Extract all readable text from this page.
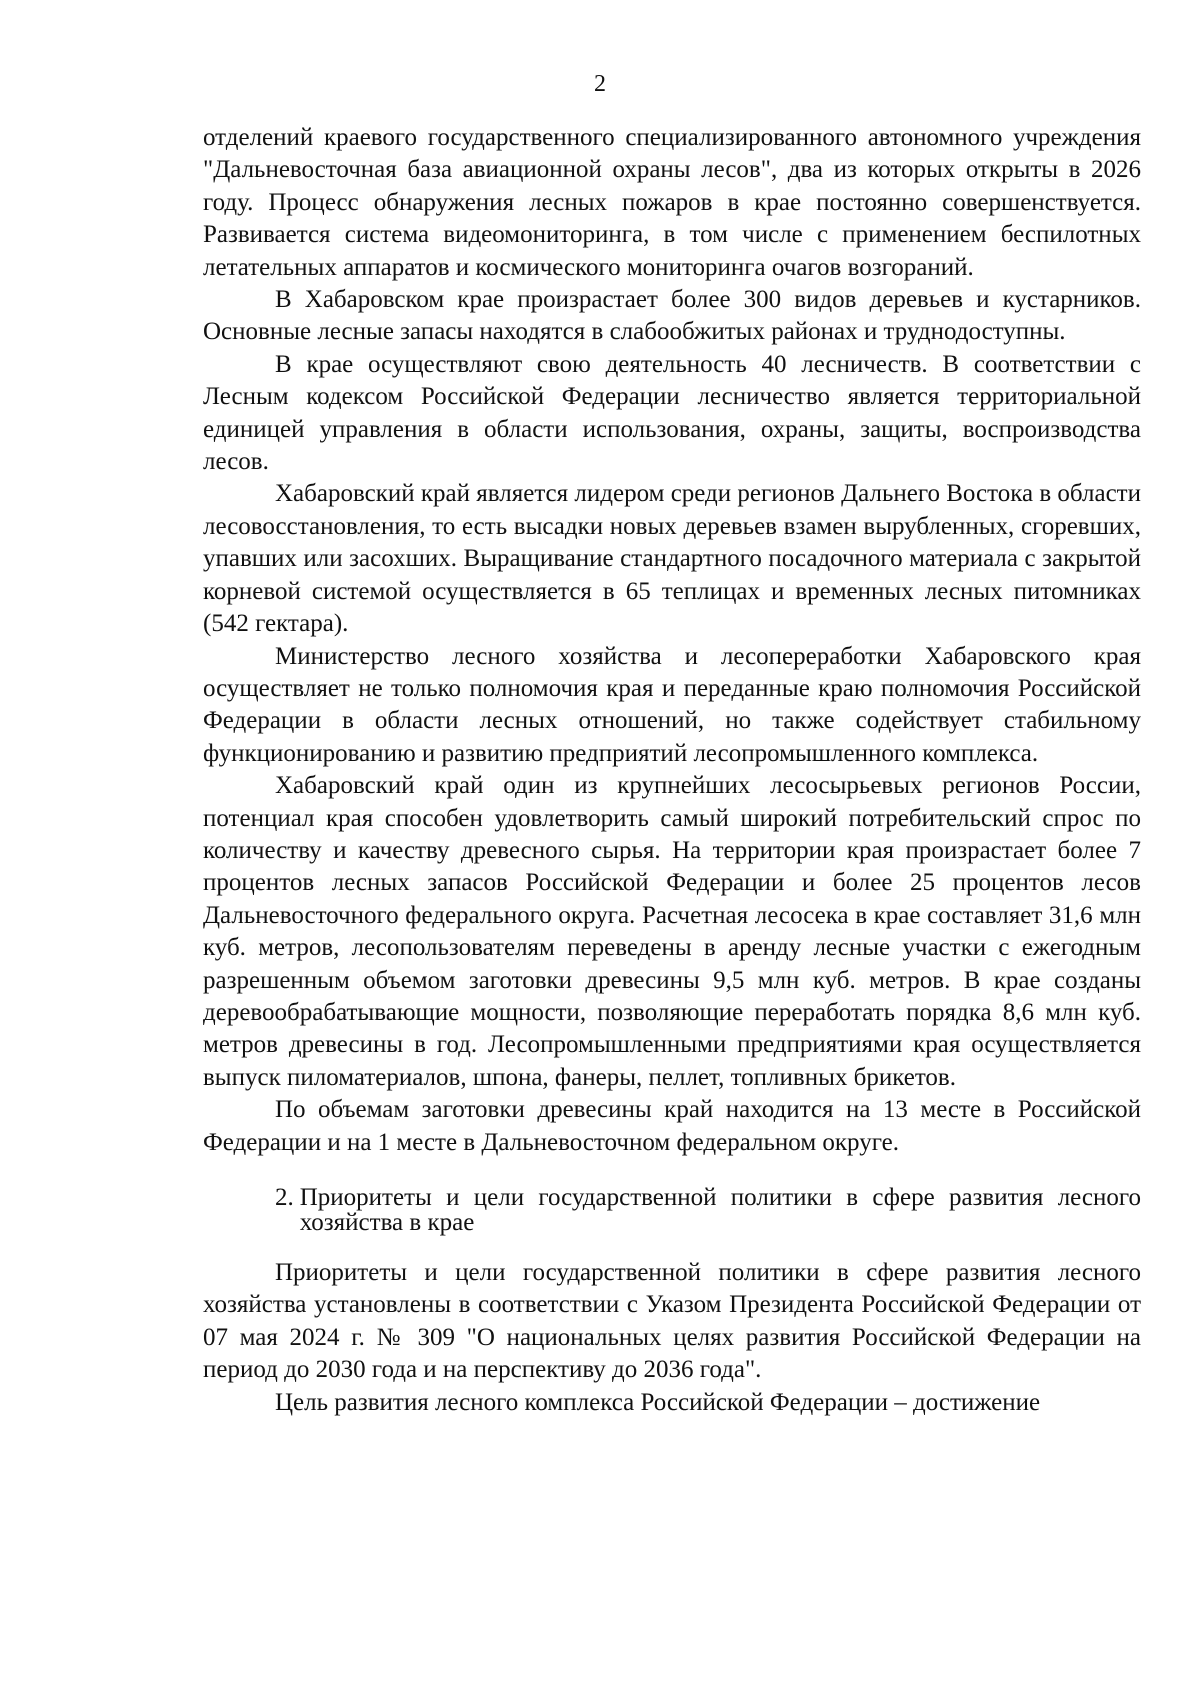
2

отделений краевого государственного специализированного автономного учреждения "Дальневосточная база авиационной охраны лесов", два из которых открыты в 2026 году. Процесс обнаружения лесных пожаров в крае постоянно совершенствуется. Развивается система видеомониторинга, в том числе с применением беспилотных летательных аппаратов и космического мониторинга очагов возгораний.

В Хабаровском крае произрастает более 300 видов деревьев и кустарников. Основные лесные запасы находятся в слабообжитых районах и труднодоступны.

В крае осуществляют свою деятельность 40 лесничеств. В соответствии с Лесным кодексом Российской Федерации лесничество является территориальной единицей управления в области использования, охраны, защиты, воспроизводства лесов.

Хабаровский край является лидером среди регионов Дальнего Востока в области лесовосстановления, то есть высадки новых деревьев взамен вырубленных, сгоревших, упавших или засохших. Выращивание стандартного посадочного материала с закрытой корневой системой осуществляется в 65 теплицах и временных лесных питомниках (542 гектара).

Министерство лесного хозяйства и лесопереработки Хабаровского края осуществляет не только полномочия края и переданные краю полномочия Российской Федерации в области лесных отношений, но также содействует стабильному функционированию и развитию предприятий лесопромышленного комплекса.

Хабаровский край один из крупнейших лесосырьевых регионов России, потенциал края способен удовлетворить самый широкий потребительский спрос по количеству и качеству древесного сырья. На территории края произрастает более 7 процентов лесных запасов Российской Федерации и более 25 процентов лесов Дальневосточного федерального округа. Расчетная лесосека в крае составляет 31,6 млн куб. метров, лесопользователям переведены в аренду лесные участки с ежегодным разрешенным объемом заготовки древесины 9,5 млн куб. метров. В крае созданы деревообрабатывающие мощности, позволяющие переработать порядка 8,6 млн куб. метров древесины в год. Лесопромышленными предприятиями края осуществляется выпуск пиломатериалов, шпона, фанеры, пеллет, топливных брикетов.

По объемам заготовки древесины край находится на 13 месте в Российской Федерации и на 1 месте в Дальневосточном федеральном округе.

2. Приоритеты и цели государственной политики в сфере развития лесного хозяйства в крае

Приоритеты и цели государственной политики в сфере развития лесного хозяйства установлены в соответствии с Указом Президента Российской Федерации от 07 мая 2024 г. № 309 "О национальных целях развития Российской Федерации на период до 2030 года и на перспективу до 2036 года".

Цель развития лесного комплекса Российской Федерации – достижение
